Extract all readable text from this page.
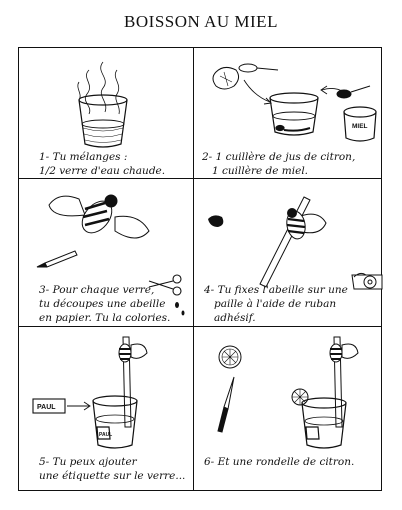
BOISSON AU MIEL
1- Tu mélanges :
1/2 verre d'eau chaude.
MIEL
2- 1 cuillère de jus de citron,
1 cuillère de miel.
3- Pour chaque verre,
tu découpes une abeille
en papier. Tu la colories.
4- Tu fixes l'abeille sur une
paille à l'aide de ruban
adhésif.
PAUL
PAUL
5- Tu peux ajouter
une étiquette sur le verre...
6- Et une rondelle de citron.
